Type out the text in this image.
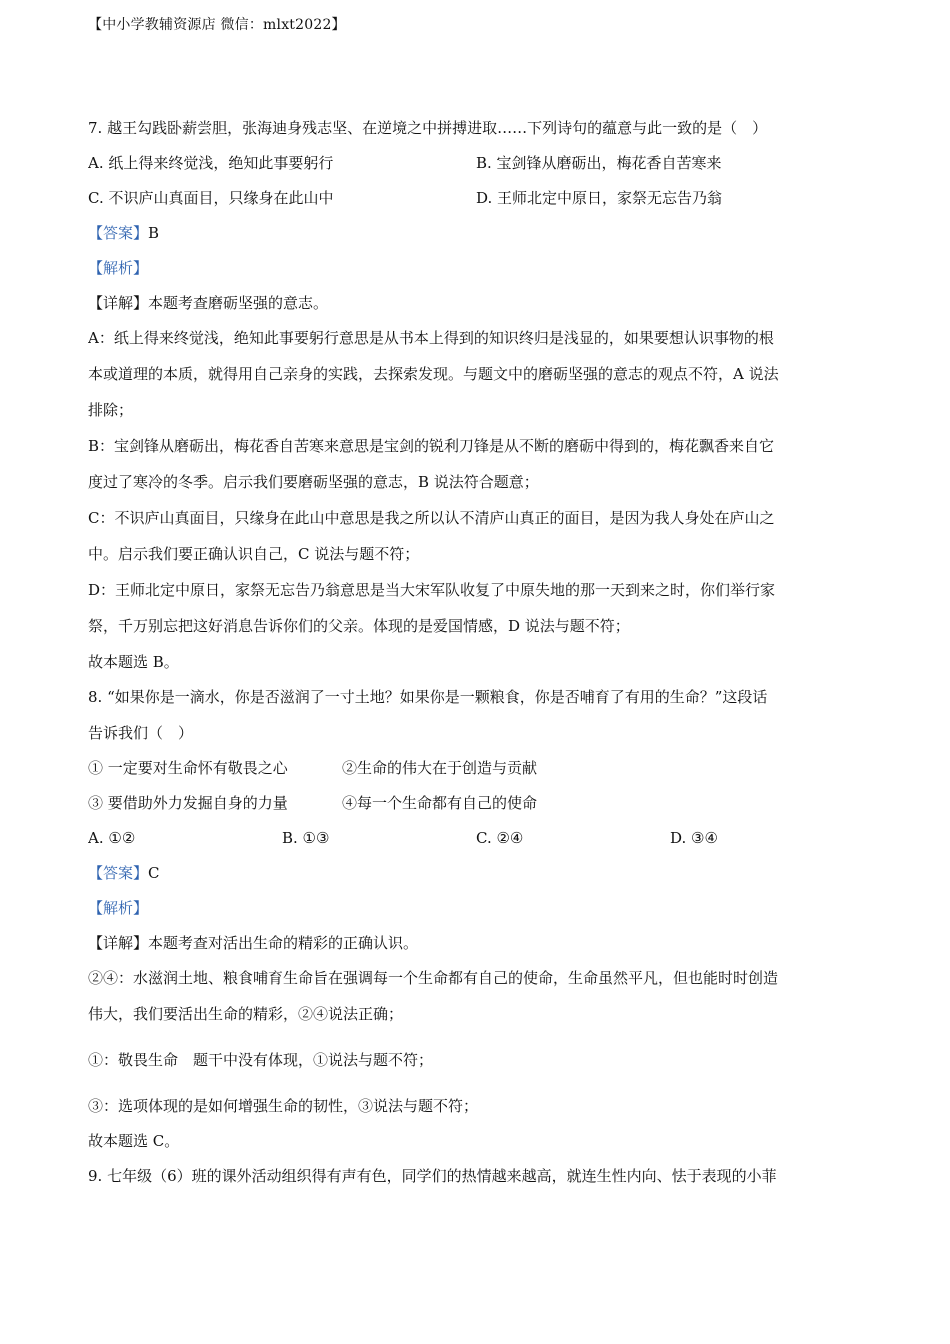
【中小学教辅资源店 微信：mlxt2022】
7. 越王勾践卧薪尝胆，张海迪身残志坚、在逆境之中拼搏进取……下列诗句的蕴意与此一致的是（　）
A. 纸上得来终觉浅，绝知此事要躬行	B. 宝剑锋从磨砺出，梅花香自苦寒来
C. 不识庐山真面目，只缘身在此山中	D. 王师北定中原日，家祭无忘告乃翁
【答案】B
【解析】
【详解】本题考查磨砺坚强的意志。
A：纸上得来终觉浅，绝知此事要躬行意思是从书本上得到的知识终归是浅显的，如果要想认识事物的根
本或道理的本质，就得用自己亲身的实践，去探索发现。与题文中的磨砺坚强的意志的观点不符，A 说法
排除；
B：宝剑锋从磨砺出，梅花香自苦寒来意思是宝剑的锐利刀锋是从不断的磨砺中得到的，梅花飘香来自它
度过了寒冷的冬季。启示我们要磨砺坚强的意志，B 说法符合题意；
C：不识庐山真面目，只缘身在此山中意思是我之所以认不清庐山真正的面目，是因为我人身处在庐山之
中。启示我们要正确认识自己，C 说法与题不符；
D：王师北定中原日，家祭无忘告乃翁意思是当大宋军队收复了中原失地的那一天到来之时，你们举行家
祭，千万别忘把这好消息告诉你们的父亲。体现的是爱国情感，D 说法与题不符；
故本题选 B。
8. “如果你是一滴水，你是否滋润了一寸土地？如果你是一颗粮食，你是否哺育了有用的生命？”这段话
告诉我们（　）
① 一定要对生命怀有敬畏之心	②生命的伟大在于创造与贡献
③ 要借助外力发掘自身的力量	④每一个生命都有自己的使命
A. ①②	B. ①③	C. ②④	D. ③④
【答案】C
【解析】
【详解】本题考查对活出生命的精彩的正确认识。
②④：水滋润土地、粮食哺育生命旨在强调每一个生命都有自己的使命，生命虽然平凡，但也能时时创造
伟大，我们要活出生命的精彩，②④说法正确；
①：敬畏生命　题干中没有体现，①说法与题不符；
③：选项体现的是如何增强生命的韧性，③说法与题不符；
故本题选 C。
9. 七年级（6）班的课外活动组织得有声有色，同学们的热情越来越高，就连生性内向、怯于表现的小菲
